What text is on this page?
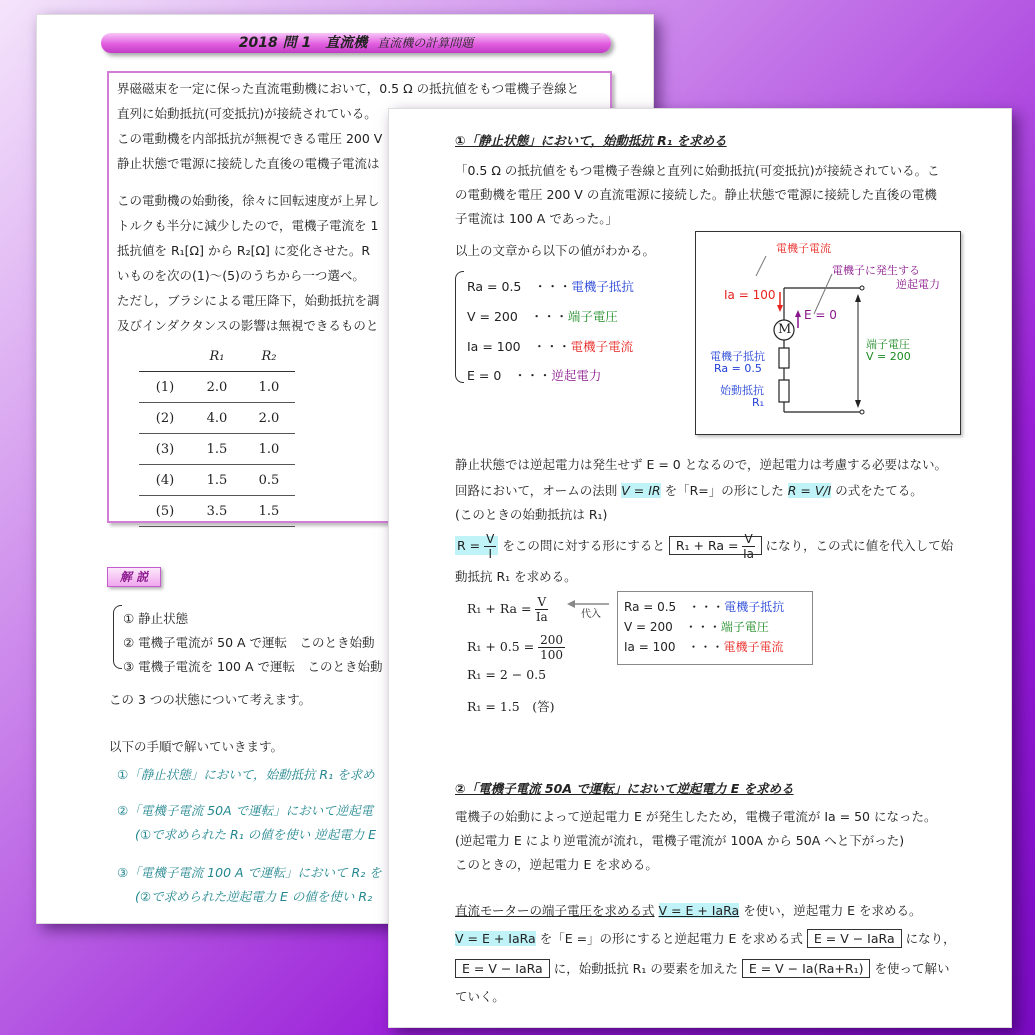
2018 問 1　直流機 直流機の計算問題
界磁磁束を一定に保った直流電動機において，0.5 Ω の抵抗値をもつ電機子巻線と
直列に始動抵抗(可変抵抗)が接続されている。
この電動機を内部抵抗が無視できる電圧 200 V
静止状態で電源に接続した直後の電機子電流は
この電動機の始動後，徐々に回転速度が上昇し
トルクも半分に減少したので，電機子電流を 1
抵抗値を R₁[Ω] から R₂[Ω] に変化させた。R
いものを次の(1)～(5)のうちから一つ選べ。
ただし，ブラシによる電圧降下，始動抵抗を調
及びインダクタンスの影響は無視できるものと
	R₁	R₂
(1)	2.0	1.0
(2)	4.0	2.0
(3)	1.5	1.0
(4)	1.5	0.5
(5)	3.5	1.5
解 説
① 静止状態
② 電機子電流が 50 A で運転　このとき始動
③ 電機子電流を 100 A で運転　このとき始動
この 3 つの状態について考えます。
以下の手順で解いていきます。
①「静止状態」において，始動抵抗 R₁ を求め
②「電機子電流 50A で運転」において逆起電
(①で求められた R₁ の値を使い 逆起電力 E
③「電機子電流 100 A で運転」において R₂ を
(②で求められた逆起電力 E の値を使い R₂
①「静止状態」において，始動抵抗 R₁ を求める
「0.5 Ω の抵抗値をもつ電機子巻線と直列に始動抵抗(可変抵抗)が接続されている。こ
の電動機を電圧 200 V の直流電源に接続した。静止状態で電源に接続した直後の電機
子電流は 100 A であった。」
以上の文章から以下の値がわかる。
Ra = 0.5　 ・・・電機子抵抗
V = 200　 ・・・端子電圧
Ia = 100　 ・・・電機子電流
E = 0　 ・・・逆起電力
電機子電流
電機子に発生する
逆起電力
Ia = 100
E = 0
M
端子電圧
V = 200
電機子抵抗
Ra = 0.5
始動抵抗
R₁
静止状態では逆起電力は発生せず E = 0 となるので，逆起電力は考慮する必要はない。
回路において，オームの法則 V = IR を「R=」の形にした R = V/I の式をたてる。
(このときの始動抵抗は R₁)
$R = \frac{V}{I}$ をこの問に対する形にすると $R_1 + Ra = \frac{V}{Ia}$ になり，この式に値を代入して始
動抵抗 R₁ を求める。
$R_1 + Ra = \frac{V}{Ia}$
$R_1 + 0.5 = \frac{200}{100}$
R₁ = 2 − 0.5
R₁ = 1.5　(答)
代入
Ra = 0.5　 ・・・電機子抵抗
V = 200　 ・・・端子電圧
Ia = 100　 ・・・電機子電流
②「電機子電流 50A で運転」において逆起電力 E を求める
電機子の始動によって逆起電力 E が発生したため，電機子電流が Ia = 50 になった。
(逆起電力 E により逆電流が流れ，電機子電流が 100A から 50A へと下がった)
このときの，逆起電力 E を求める。
直流モーターの端子電圧を求める式 V = E + IaRa を使い，逆起電力 E を求める。
V = E + IaRa を「E =」の形にすると逆起電力 E を求める式 E = V − IaRa になり，
E = V − IaRa に，始動抵抗 R₁ の要素を加えた E = V − Ia(Ra+R₁) を使って解い
ていく。
